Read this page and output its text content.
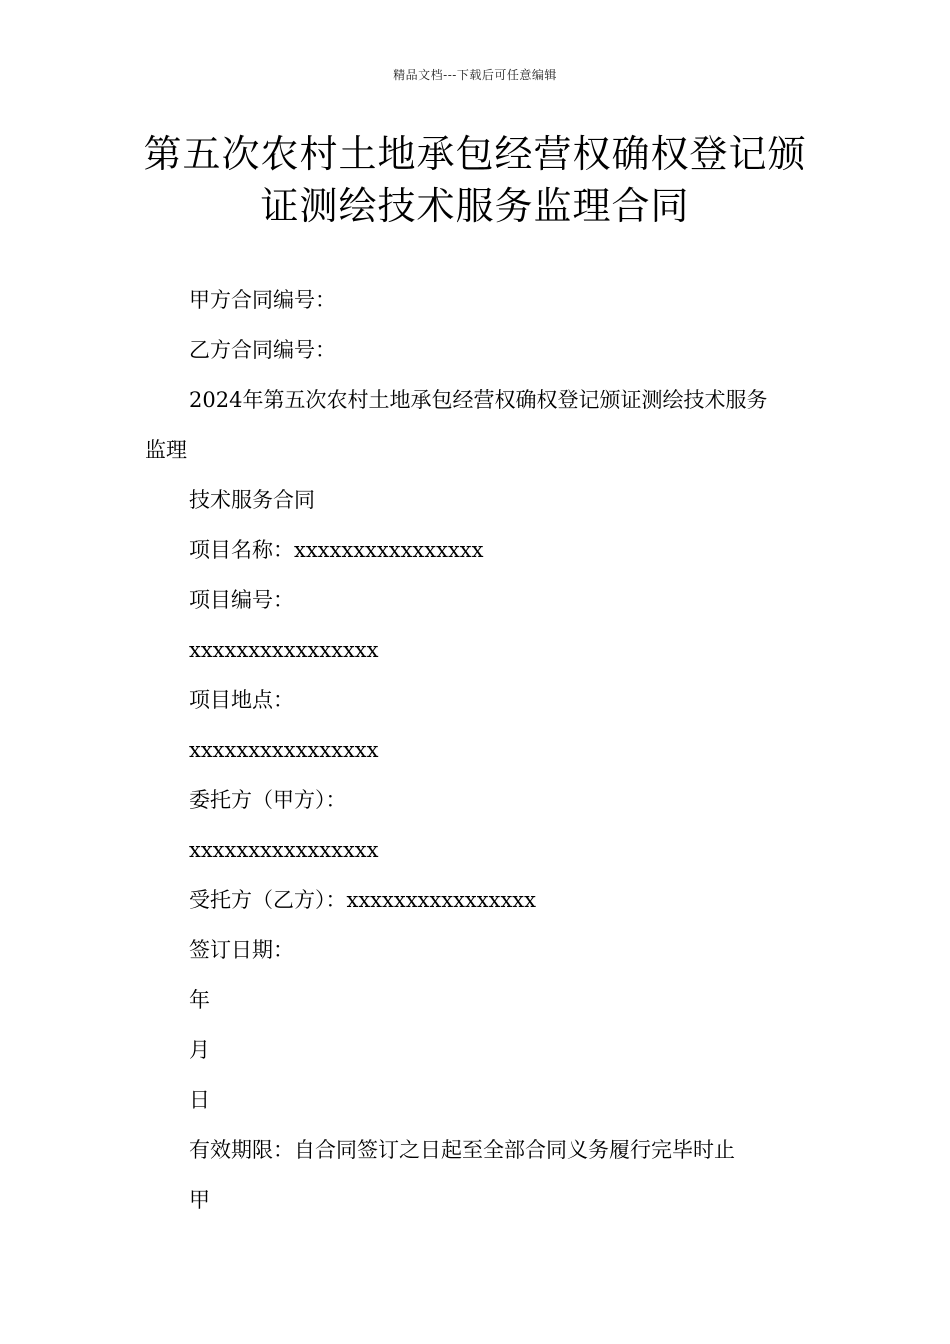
精品文档---下载后可任意编辑
第五次农村土地承包经营权确权登记颁
证测绘技术服务监理合同
甲方合同编号：
乙方合同编号：
2024年第五次农村土地承包经营权确权登记颁证测绘技术服务
监理
技术服务合同
项目名称：xxxxxxxxxxxxxxxx
项目编号：
xxxxxxxxxxxxxxxx
项目地点：
xxxxxxxxxxxxxxxx
委托方（甲方）：
xxxxxxxxxxxxxxxx
受托方（乙方）：xxxxxxxxxxxxxxxx
签订日期：
年
月
日
有效期限：自合同签订之日起至全部合同义务履行完毕时止
甲
